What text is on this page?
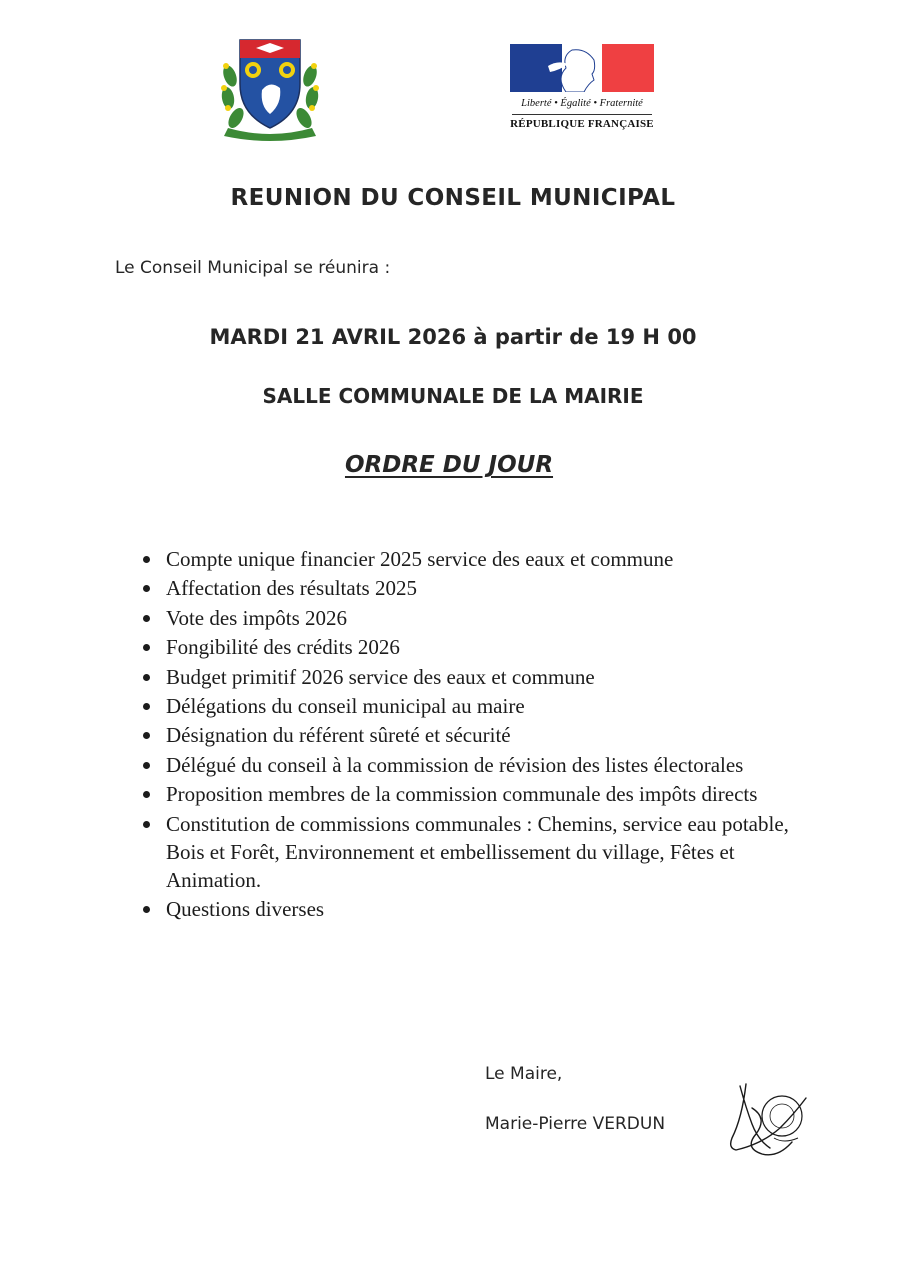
Liberté • Égalité • Fraternité
RÉPUBLIQUE FRANÇAISE
REUNION DU CONSEIL MUNICIPAL
Le Conseil Municipal se réunira :
MARDI 21 AVRIL 2026 à partir de 19 H 00
SALLE COMMUNALE DE LA MAIRIE
ORDRE DU JOUR
Compte unique financier 2025 service des eaux et commune
Affectation des résultats 2025
Vote des impôts 2026
Fongibilité des crédits 2026
Budget primitif 2026 service des eaux et commune
Délégations du conseil municipal au maire
Désignation du référent sûreté et sécurité
Délégué du conseil à la commission de révision des listes électorales
Proposition membres de la commission communale des impôts directs
Constitution de commissions communales : Chemins, service eau potable, Bois et Forêt, Environnement et embellissement du village, Fêtes et Animation.
Questions diverses
Le Maire,
Marie-Pierre VERDUN
